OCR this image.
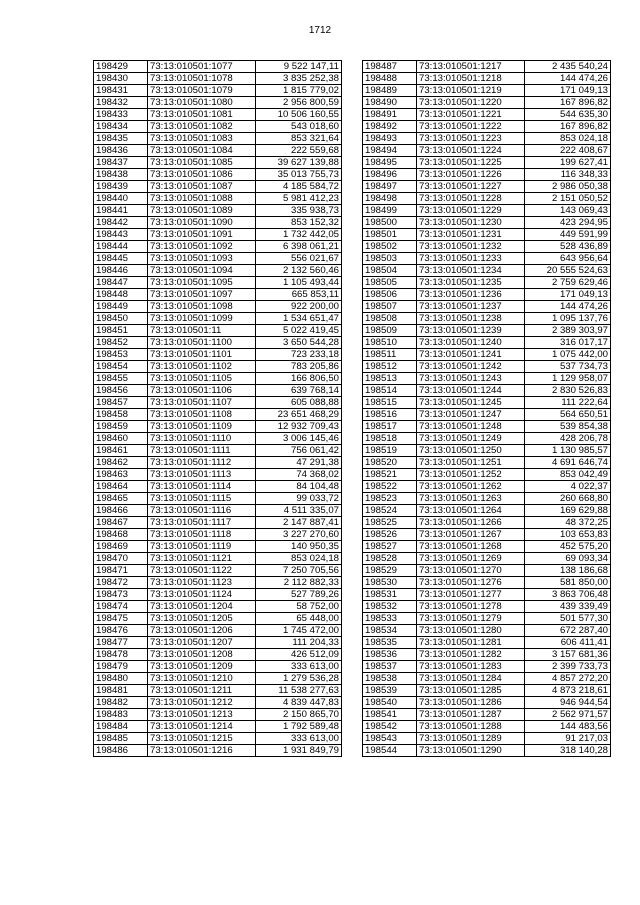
1712
198429	73:13:010501:1077	9 522 147,11
198430	73:13:010501:1078	3 835 252,38
198431	73:13:010501:1079	1 815 779,02
198432	73:13:010501:1080	2 956 800,59
198433	73:13:010501:1081	10 506 160,55
198434	73:13:010501:1082	543 018,60
198435	73:13:010501:1083	853 321,64
198436	73:13:010501:1084	222 559,68
198437	73:13:010501:1085	39 627 139,88
198438	73:13:010501:1086	35 013 755,73
198439	73:13:010501:1087	4 185 584,72
198440	73:13:010501:1088	5 981 412,23
198441	73:13:010501:1089	335 938,73
198442	73:13:010501:1090	853 152,32
198443	73:13:010501:1091	1 732 442,05
198444	73:13:010501:1092	6 398 061,21
198445	73:13:010501:1093	556 021,67
198446	73:13:010501:1094	2 132 560,46
198447	73:13:010501:1095	1 105 493,44
198448	73:13:010501:1097	665 853,11
198449	73:13:010501:1098	922 200,00
198450	73:13:010501:1099	1 534 651,47
198451	73:13:010501:11	5 022 419,45
198452	73:13:010501:1100	3 650 544,28
198453	73:13:010501:1101	723 233,18
198454	73:13:010501:1102	783 205,86
198455	73:13:010501:1105	166 806,50
198456	73:13:010501:1106	639 768,14
198457	73:13:010501:1107	605 088,88
198458	73:13:010501:1108	23 651 468,29
198459	73:13:010501:1109	12 932 709,43
198460	73:13:010501:1110	3 006 145,46
198461	73:13:010501:1111	756 061,42
198462	73:13:010501:1112	47 291,38
198463	73:13:010501:1113	74 368,02
198464	73:13:010501:1114	84 104,48
198465	73:13:010501:1115	99 033,72
198466	73:13:010501:1116	4 511 335,07
198467	73:13:010501:1117	2 147 887,41
198468	73:13:010501:1118	3 227 270,60
198469	73:13:010501:1119	140 950,35
198470	73:13:010501:1121	853 024,18
198471	73:13:010501:1122	7 250 705,56
198472	73:13:010501:1123	2 112 882,33
198473	73:13:010501:1124	527 789,26
198474	73:13:010501:1204	58 752,00
198475	73:13:010501:1205	65 448,00
198476	73:13:010501:1206	1 745 472,00
198477	73:13:010501:1207	111 204,33
198478	73:13:010501:1208	426 512,09
198479	73:13:010501:1209	333 613,00
198480	73:13:010501:1210	1 279 536,28
198481	73:13:010501:1211	11 538 277,63
198482	73:13:010501:1212	4 839 447,83
198483	73:13:010501:1213	2 150 865,70
198484	73:13:010501:1214	1 792 589,48
198485	73:13:010501:1215	333 613,00
198486	73:13:010501:1216	1 931 849,79
198487	73:13:010501:1217	2 435 540,24
198488	73:13:010501:1218	144 474,26
198489	73:13:010501:1219	171 049,13
198490	73:13:010501:1220	167 896,82
198491	73:13:010501:1221	544 635,30
198492	73:13:010501:1222	167 896,82
198493	73:13:010501:1223	853 024,18
198494	73:13:010501:1224	222 408,67
198495	73:13:010501:1225	199 627,41
198496	73:13:010501:1226	116 348,33
198497	73:13:010501:1227	2 986 050,38
198498	73:13:010501:1228	2 151 050,52
198499	73:13:010501:1229	143 069,43
198500	73:13:010501:1230	423 294,95
198501	73:13:010501:1231	449 591,99
198502	73:13:010501:1232	528 436,89
198503	73:13:010501:1233	643 956,64
198504	73:13:010501:1234	20 555 524,63
198505	73:13:010501:1235	2 759 629,46
198506	73:13:010501:1236	171 049,13
198507	73:13:010501:1237	144 474,26
198508	73:13:010501:1238	1 095 137,76
198509	73:13:010501:1239	2 389 303,97
198510	73:13:010501:1240	316 017,17
198511	73:13:010501:1241	1 075 442,00
198512	73:13:010501:1242	537 734,73
198513	73:13:010501:1243	1 129 958,07
198514	73:13:010501:1244	2 830 526,83
198515	73:13:010501:1245	111 222,64
198516	73:13:010501:1247	564 650,51
198517	73:13:010501:1248	539 854,38
198518	73:13:010501:1249	428 206,78
198519	73:13:010501:1250	1 130 985,57
198520	73:13:010501:1251	4 691 646,74
198521	73:13:010501:1252	853 042,49
198522	73:13:010501:1262	4 022,37
198523	73:13:010501:1263	260 668,80
198524	73:13:010501:1264	169 629,88
198525	73:13:010501:1266	48 372,25
198526	73:13:010501:1267	103 653,83
198527	73:13:010501:1268	452 575,20
198528	73:13:010501:1269	69 093,34
198529	73:13:010501:1270	138 186,68
198530	73:13:010501:1276	581 850,00
198531	73:13:010501:1277	3 863 706,48
198532	73:13:010501:1278	439 339,49
198533	73:13:010501:1279	501 577,30
198534	73:13:010501:1280	672 287,40
198535	73:13:010501:1281	606 411,41
198536	73:13:010501:1282	3 157 681,36
198537	73:13:010501:1283	2 399 733,73
198538	73:13:010501:1284	4 857 272,20
198539	73:13:010501:1285	4 873 218,61
198540	73:13:010501:1286	946 944,54
198541	73:13:010501:1287	2 562 971,57
198542	73:13:010501:1288	144 483,56
198543	73:13:010501:1289	91 217,03
198544	73:13:010501:1290	318 140,28
